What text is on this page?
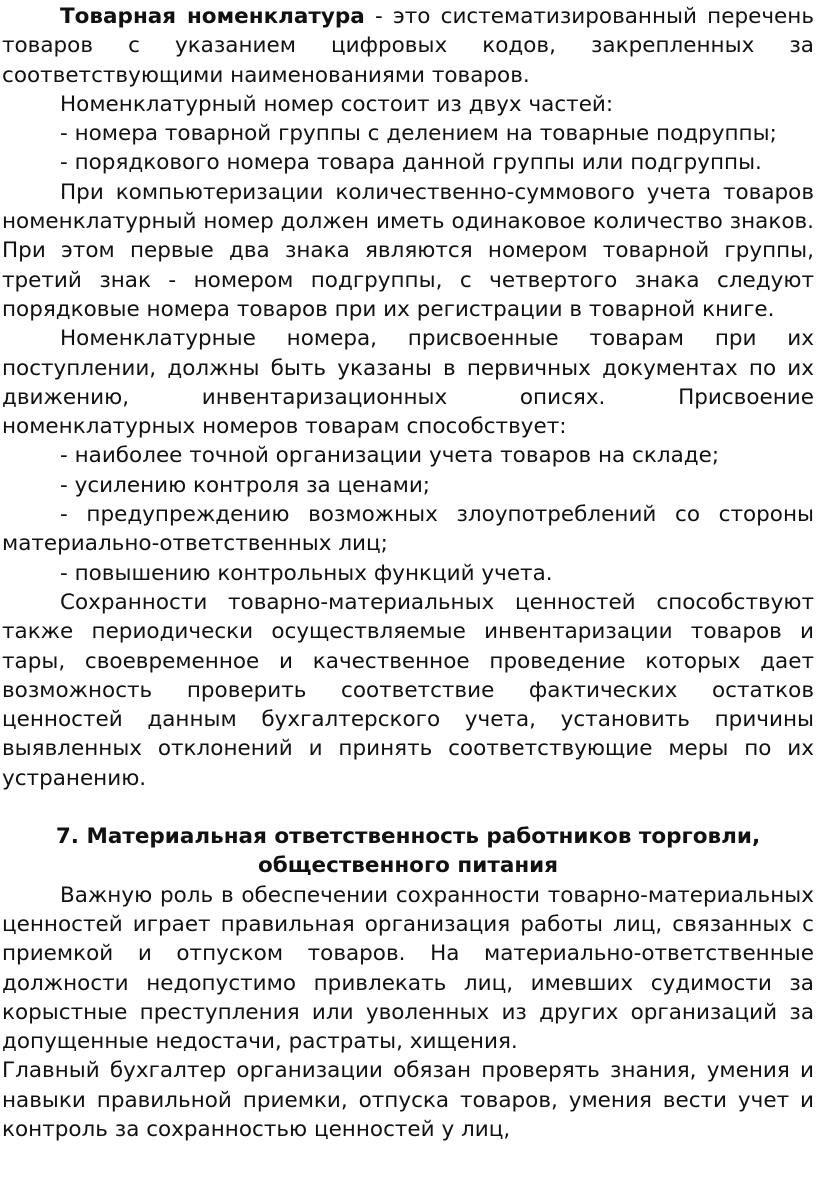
Товарная номенклатура - это систематизированный перечень товаров с указанием цифровых кодов, закрепленных за соответствующими наименованиями товаров.

Номенклатурный номер состоит из двух частей:

- номера товарной группы с делением на товарные подруппы;

- порядкового номера товара данной группы или подгруппы.

При компьютеризации количественно-суммового учета товаров номенклатурный номер должен иметь одинаковое количество знаков. При этом первые два знака являются номером товарной группы, третий знак - номером подгруппы, с четвертого знака следуют порядковые номера товаров при их регистрации в товарной книге.

Номенклатурные номера, присвоенные товарам при их поступлении, должны быть указаны в первичных документах по их движению, инвентаризационных описях. Присвоение номенклатурных номеров товарам способствует:

- наиболее точной организации учета товаров на складе;

- усилению контроля за ценами;

- предупреждению возможных злоупотреблений со стороны материально-ответственных лиц;

- повышению контрольных функций учета.

Сохранности товарно-материальных ценностей способствуют также периодически осуществляемые инвентаризации товаров и тары, своевременное и качественное проведение которых дает возможность проверить соответствие фактических остатков ценностей данным бухгалтерского учета, установить причины выявленных отклонений и принять соответствующие меры по их устранению.

7. Материальная ответственность работников торговли,
общественного питания

Важную роль в обеспечении сохранности товарно-материальных ценностей играет правильная организация работы лиц, связанных с приемкой и отпуском товаров. На материально-ответственные должности недопустимо привлекать лиц, имевших судимости за корыстные преступления или уволенных из других организаций за допущенные недостачи, растраты, хищения.

Главный бухгалтер организации обязан проверять знания, умения и навыки правильной приемки, отпуска товаров, умения вести учет и контроль за сохранностью ценностей у лиц,
